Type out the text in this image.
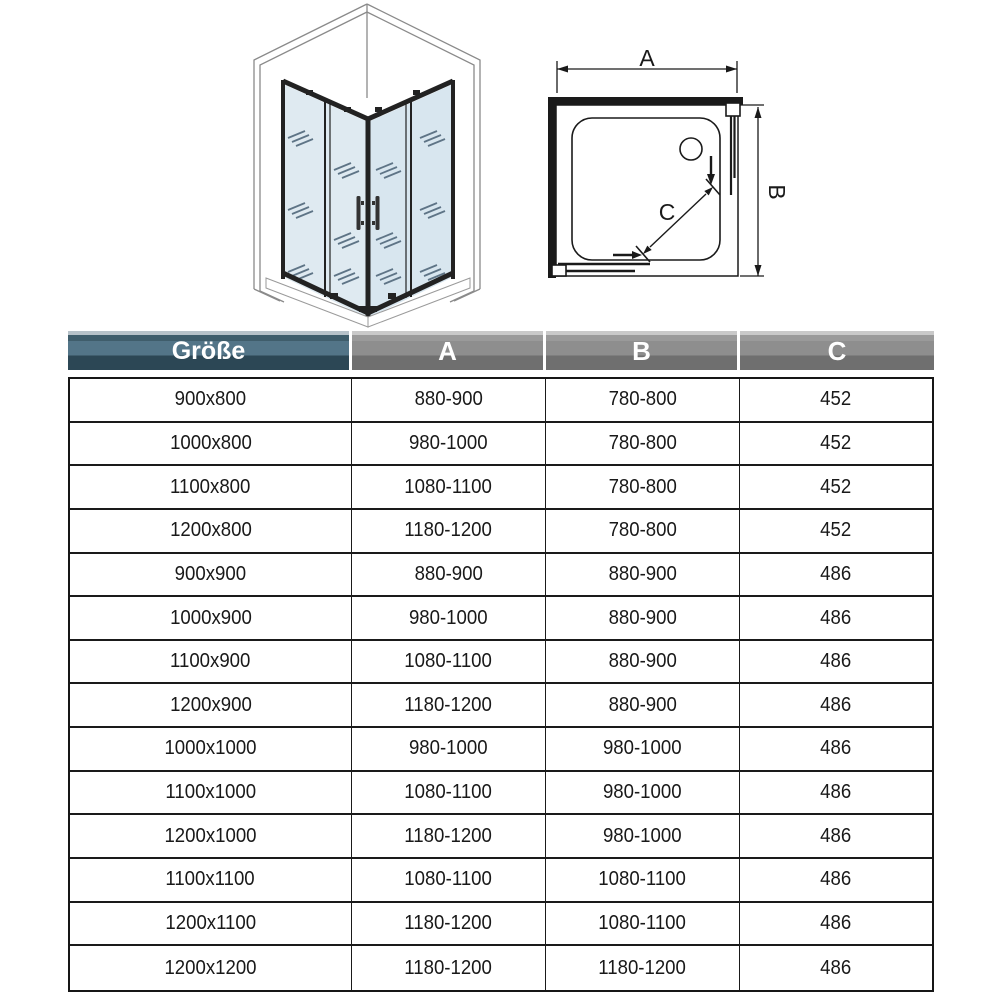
A
B
C
Größe	A	B	C
900x800	880-900	780-800	452
1000x800	980-1000	780-800	452
1100x800	1080-1100	780-800	452
1200x800	1180-1200	780-800	452
900x900	880-900	880-900	486
1000x900	980-1000	880-900	486
1100x900	1080-1100	880-900	486
1200x900	1180-1200	880-900	486
1000x1000	980-1000	980-1000	486
1100x1000	1080-1100	980-1000	486
1200x1000	1180-1200	980-1000	486
1100x1100	1080-1100	1080-1100	486
1200x1100	1180-1200	1080-1100	486
1200x1200	1180-1200	1180-1200	486
